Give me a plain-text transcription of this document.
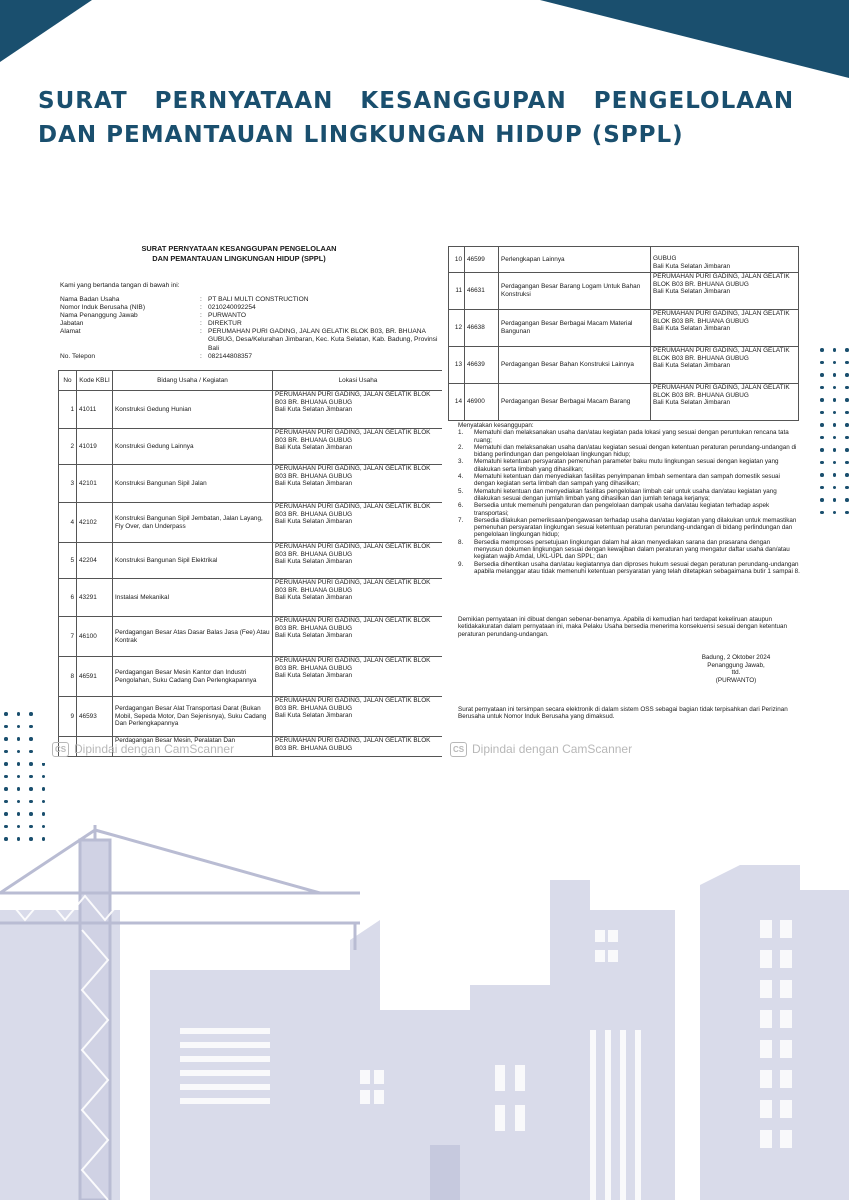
SURAT PERNYATAAN KESANGGUPAN PENGELOLAAN
DAN PEMANTAUAN LINGKUNGAN HIDUP (SPPL)
SURAT PERNYATAAN KESANGGUPAN PENGELOLAAN
DAN PEMANTAUAN LINGKUNGAN HIDUP (SPPL)
Kami yang bertanda tangan di bawah ini:
Nama Badan Usaha	:	PT BALI MULTI CONSTRUCTION
Nomor Induk Berusaha (NIB)	:	0210240092254
Nama Penanggung Jawab	:	PURWANTO
Jabatan	:	DIREKTUR
Alamat	:	PERUMAHAN PURI GADING, JALAN GELATIK BLOK B03, BR. BHUANA GUBUG, Desa/Kelurahan Jimbaran, Kec. Kuta Selatan, Kab. Badung, Provinsi Bali
No. Telepon	:	082144808357
No	Kode KBLI	Bidang Usaha / Kegiatan	Lokasi Usaha
1	41011	Konstruksi Gedung Hunian	PERUMAHAN PURI GADING, JALAN GELATIK BLOK B03 BR. BHUANA GUBUG
Bali Kuta Selatan Jimbaran

2	41019	Konstruksi Gedung Lainnya	PERUMAHAN PURI GADING, JALAN GELATIK BLOK B03 BR. BHUANA GUBUG
Bali Kuta Selatan Jimbaran

3	42101	Konstruksi Bangunan Sipil Jalan	PERUMAHAN PURI GADING, JALAN GELATIK BLOK B03 BR. BHUANA GUBUG
Bali Kuta Selatan Jimbaran

4	42102	Konstruksi Bangunan Sipil Jembatan, Jalan Layang, Fly Over, dan Underpass	PERUMAHAN PURI GADING, JALAN GELATIK BLOK B03 BR. BHUANA GUBUG
Bali Kuta Selatan Jimbaran

5	42204	Konstruksi Bangunan Sipil Elektrikal	PERUMAHAN PURI GADING, JALAN GELATIK BLOK B03 BR. BHUANA GUBUG
Bali Kuta Selatan Jimbaran

6	43291	Instalasi Mekanikal	PERUMAHAN PURI GADING, JALAN GELATIK BLOK B03 BR. BHUANA GUBUG
Bali Kuta Selatan Jimbaran

7	46100	Perdagangan Besar Atas Dasar Balas Jasa (Fee) Atau Kontrak	PERUMAHAN PURI GADING, JALAN GELATIK BLOK B03 BR. BHUANA GUBUG
Bali Kuta Selatan Jimbaran

8	46591	Perdagangan Besar Mesin Kantor dan Industri Pengolahan, Suku Cadang Dan Perlengkapannya	PERUMAHAN PURI GADING, JALAN GELATIK BLOK B03 BR. BHUANA GUBUG
Bali Kuta Selatan Jimbaran

9	46593	Perdagangan Besar Alat Transportasi Darat (Bukan Mobil, Sepeda Motor, Dan Sejenisnya), Suku Cadang Dan Perlengkapannya	PERUMAHAN PURI GADING, JALAN GELATIK BLOK B03 BR. BHUANA GUBUG
Bali Kuta Selatan Jimbaran

		Perdagangan Besar Mesin, Peralatan Dan	PERUMAHAN PURI GADING, JALAN GELATIK BLOK B03 BR. BHUANA GUBUG
CS Dipindai dengan CamScanner
10	46599	Perlengkapan Lainnya	GUBUG
Bali Kuta Selatan Jimbaran

11	46631	Perdagangan Besar Barang Logam Untuk Bahan Konstruksi	PERUMAHAN PURI GADING, JALAN GELATIK BLOK B03 BR. BHUANA GUBUG
Bali Kuta Selatan Jimbaran

12	46638	Perdagangan Besar Berbagai Macam Material Bangunan	PERUMAHAN PURI GADING, JALAN GELATIK BLOK B03 BR. BHUANA GUBUG
Bali Kuta Selatan Jimbaran

13	46639	Perdagangan Besar Bahan Konstruksi Lainnya	PERUMAHAN PURI GADING, JALAN GELATIK BLOK B03 BR. BHUANA GUBUG
Bali Kuta Selatan Jimbaran

14	46900	Perdagangan Besar Berbagai Macam Barang	PERUMAHAN PURI GADING, JALAN GELATIK BLOK B03 BR. BHUANA GUBUG
Bali Kuta Selatan Jimbaran
Menyatakan kesanggupan:
1.	Mematuhi dan melaksanakan usaha dan/atau kegiatan pada lokasi yang sesuai dengan peruntukan rencana tata ruang;
2.	Mematuhi dan melaksanakan usaha dan/atau kegiatan sesuai dengan ketentuan peraturan perundang-undangan di bidang perlindungan dan pengelolaan lingkungan hidup;
3.	Mematuhi ketentuan persyaratan pemenuhan parameter baku mutu lingkungan sesuai dengan kegiatan yang dilakukan serta limbah yang dihasilkan;
4.	Mematuhi ketentuan dan menyediakan fasilitas penyimpanan limbah sementara dan sampah domestik sesuai dengan kegiatan serta limbah dan sampah yang dihasilkan;
5.	Mematuhi ketentuan dan menyediakan fasilitas pengelolaan limbah cair untuk usaha dan/atau kegiatan yang dilakukan sesuai dengan jumlah limbah yang dihasilkan dan jumlah tenaga kerjanya;
6.	Bersedia untuk memenuhi pengaturan dan pengelolaan dampak usaha dan/atau kegiatan terhadap aspek transportasi;
7.	Bersedia dilakukan pemeriksaan/pengawasan terhadap usaha dan/atau kegiatan yang dilakukan untuk memastikan pemenuhan persyaratan lingkungan sesuai ketentuan peraturan perundang-undangan di bidang perlindungan dan pengelolaan lingkungan hidup;
8.	Bersedia memproses persetujuan lingkungan dalam hal akan menyediakan sarana dan prasarana dengan menyusun dokumen lingkungan sesuai dengan kewajiban dalam peraturan yang mengatur daftar usaha dan/atau kegiatan wajib Amdal, UKL-UPL dan SPPL; dan
9.	Bersedia dihentikan usaha dan/atau kegiatannya dan diproses hukum sesuai degan peraturan perundang-undangan apabila melanggar atau tidak memenuhi ketentuan persyaratan yang telah ditetapkan sebagaimana butir 1 sampai 8.
Demikian pernyataan ini dibuat dengan sebenar-benarnya. Apabila di kemudian hari terdapat kekeliruan ataupun ketidakakuratan dalam pernyataan ini, maka Pelaku Usaha bersedia menerima konsekuensi sesuai dengan ketentuan peraturan perundang-undangan.
Badung, 2 Oktober 2024
Penanggung Jawab,
ttd.
(PURWANTO)
Surat pernyataan ini tersimpan secara elektronik di dalam sistem OSS sebagai bagian tidak terpisahkan dari Perizinan Berusaha untuk Nomor Induk Berusaha yang dimaksud.
CS Dipindai dengan CamScanner
